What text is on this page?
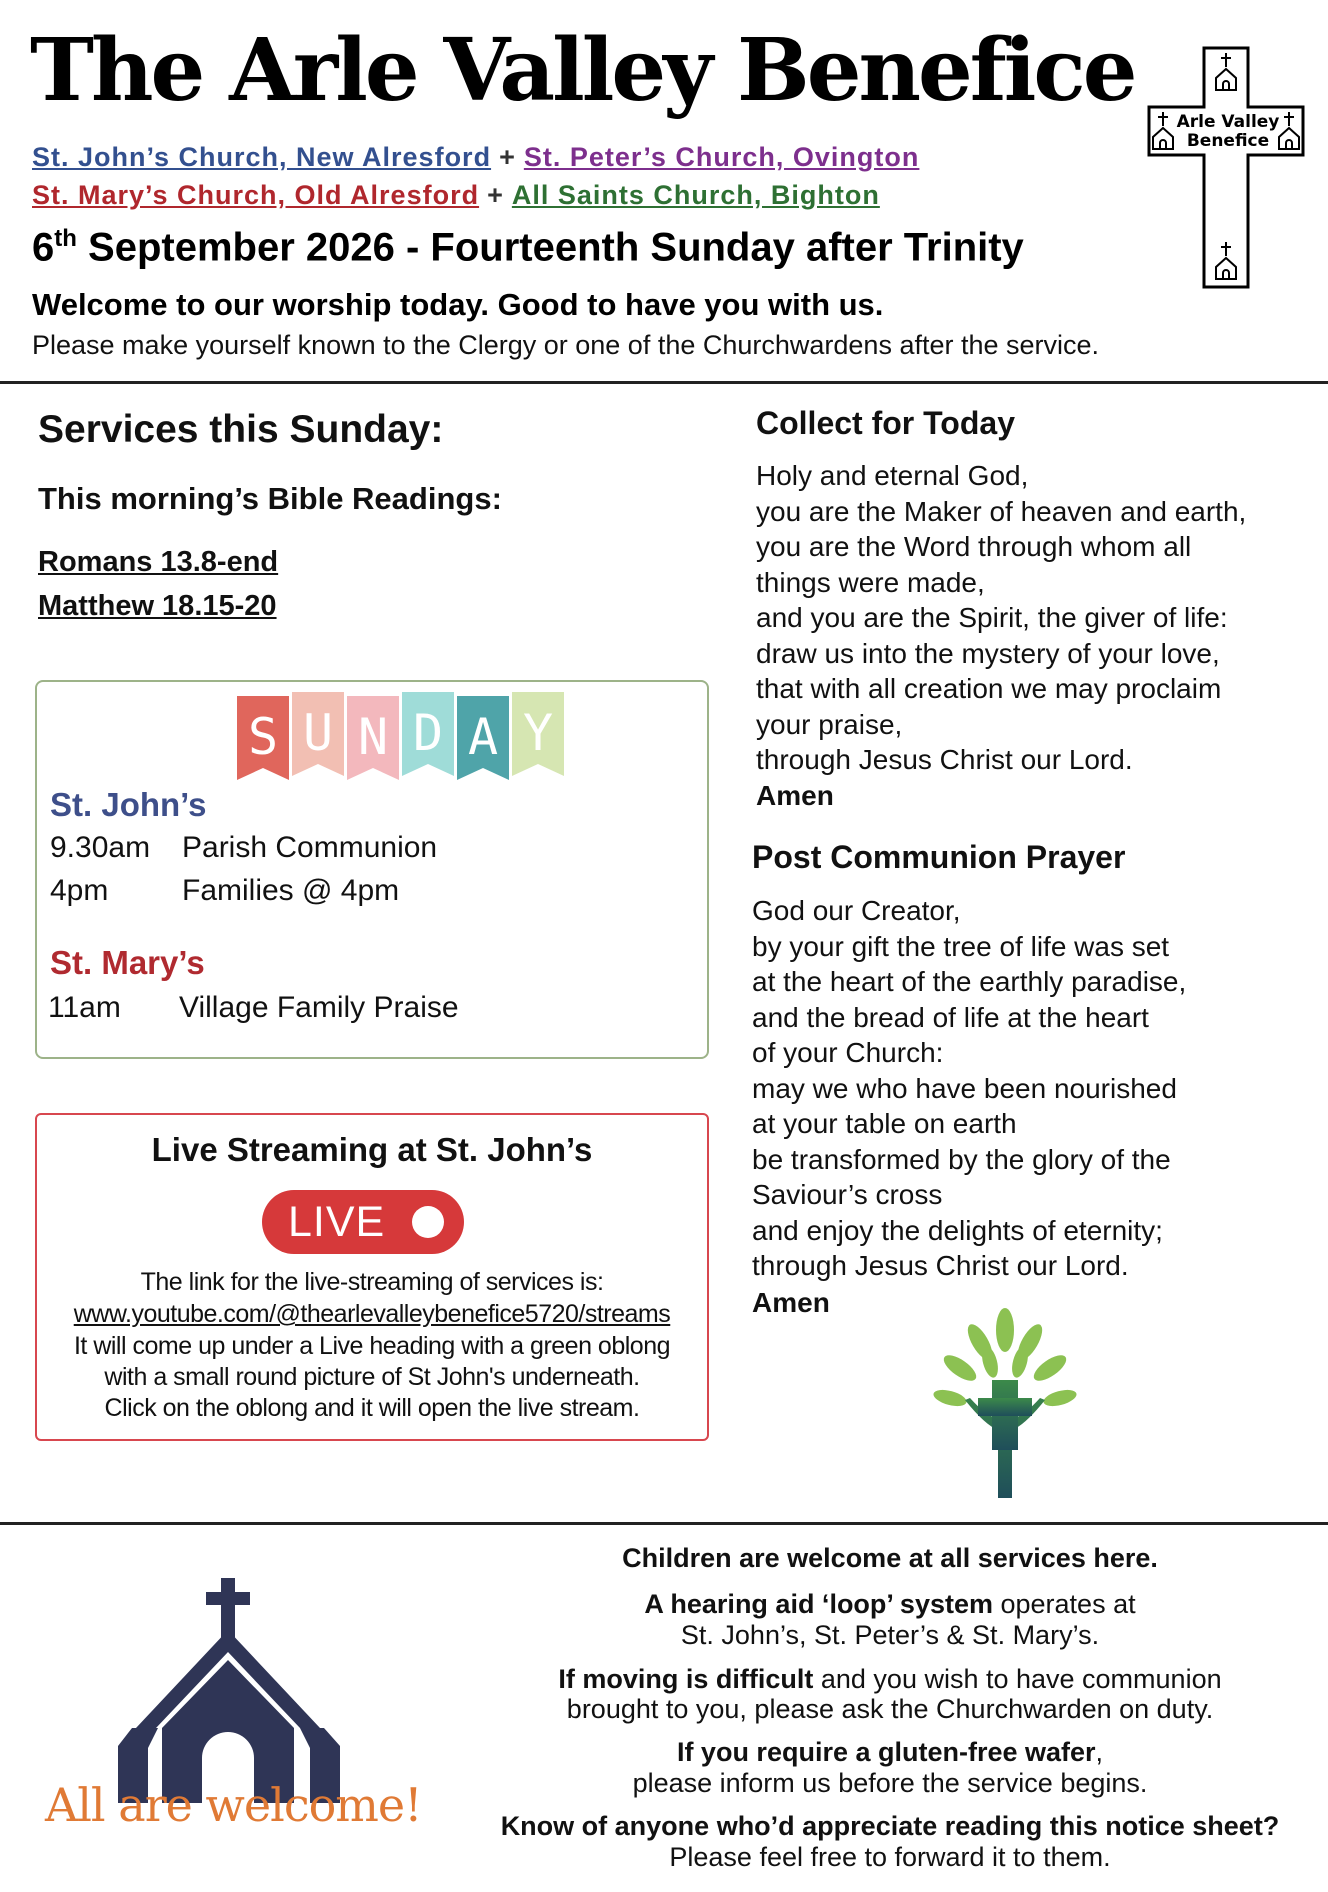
The Arle Valley Benefice
St. John’s Church, New Alresford + St. Peter’s Church, Ovington
St. Mary’s Church, Old Alresford + All Saints Church, Bighton
6th September 2026 - Fourteenth Sunday after Trinity
Welcome to our worship today. Good to have you with us.
Please make yourself known to the Clergy or one of the Churchwardens after the service.
Arle Valley
Benefice
Services this Sunday:
This morning’s Bible Readings:
Romans 13.8-end
Matthew 18.15-20
S U N D A Y
St. John’s
9.30am Parish Communion
4pm Families @ 4pm
St. Mary’s
11am Village Family Praise
Live Streaming at St. John’s
LIVE
The link for the live-streaming of services is:
www.youtube.com/@thearlevalleybenefice5720/streams
It will come up under a Live heading with a green oblong
with a small round picture of St John's underneath.
Click on the oblong and it will open the live stream.
Collect for Today
Holy and eternal God,
you are the Maker of heaven and earth,
you are the Word through whom all
things were made,
and you are the Spirit, the giver of life:
draw us into the mystery of your love,
that with all creation we may proclaim
your praise,
through Jesus Christ our Lord.
Amen
Post Communion Prayer
God our Creator,
by your gift the tree of life was set
at the heart of the earthly paradise,
and the bread of life at the heart
of your Church:
may we who have been nourished
at your table on earth
be transformed by the glory of the
Saviour’s cross
and enjoy the delights of eternity;
through Jesus Christ our Lord.
Amen
All are welcome!
Children are welcome at all services here.
A hearing aid ‘loop’ system operates at
St. John’s, St. Peter’s & St. Mary’s.
If moving is difficult and you wish to have communion
brought to you, please ask the Churchwarden on duty.
If you require a gluten-free wafer,
please inform us before the service begins.
Know of anyone who’d appreciate reading this notice sheet?
Please feel free to forward it to them.
